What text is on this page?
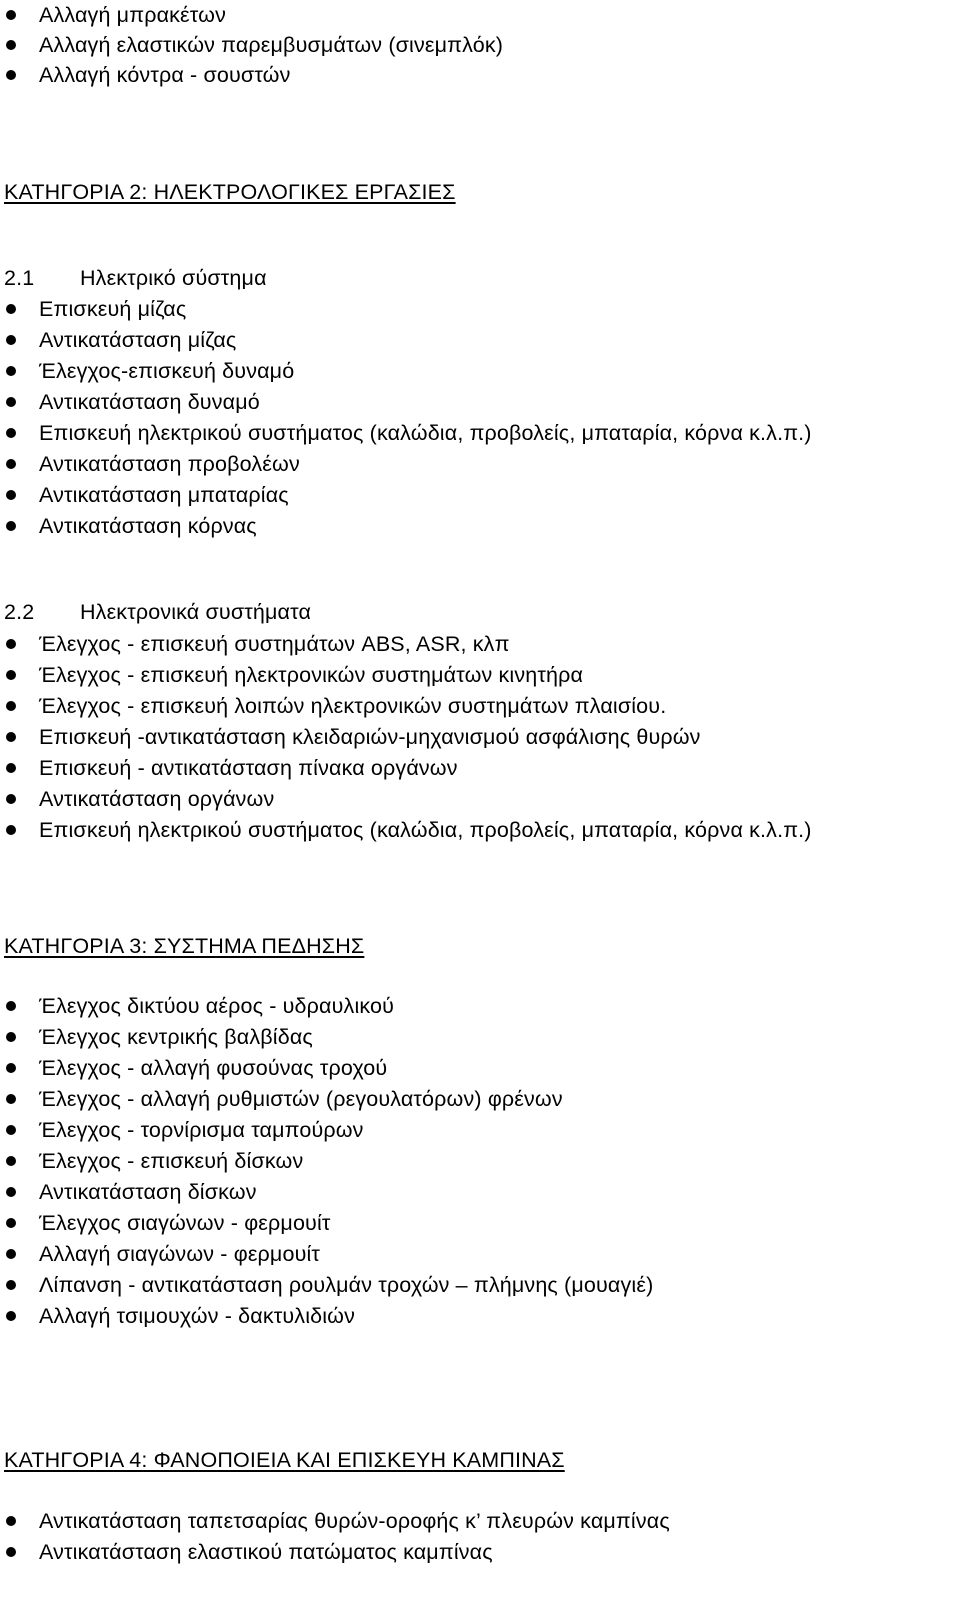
Αλλαγή μπρακέτων
Αλλαγή ελαστικών παρεμβυσμάτων (σινεμπλόκ)
Αλλαγή κόντρα - σουστών
ΚΑΤΗΓΟΡΙΑ 2: ΗΛΕΚΤΡΟΛΟΓΙΚΕΣ ΕΡΓΑΣΙΕΣ
2.1 Ηλεκτρικό σύστημα
Επισκευή μίζας
Αντικατάσταση μίζας
Έλεγχος-επισκευή δυναμό
Αντικατάσταση δυναμό
Επισκευή ηλεκτρικού συστήματος (καλώδια, προβολείς, μπαταρία, κόρνα κ.λ.π.)
Αντικατάσταση προβολέων
Αντικατάσταση μπαταρίας
Αντικατάσταση κόρνας
2.2 Ηλεκτρονικά συστήματα
Έλεγχος - επισκευή συστημάτων ABS, ASR, κλπ
Έλεγχος - επισκευή ηλεκτρονικών συστημάτων κινητήρα
Έλεγχος - επισκευή λοιπών ηλεκτρονικών συστημάτων πλαισίου.
Επισκευή -αντικατάσταση κλειδαριών-μηχανισμού ασφάλισης θυρών
Επισκευή - αντικατάσταση πίνακα οργάνων
Αντικατάσταση οργάνων
Επισκευή ηλεκτρικού συστήματος (καλώδια, προβολείς, μπαταρία, κόρνα κ.λ.π.)
ΚΑΤΗΓΟΡΙΑ 3: ΣΥΣΤΗΜΑ ΠΕΔΗΣΗΣ
Έλεγχος δικτύου αέρος - υδραυλικού
Έλεγχος κεντρικής βαλβίδας
Έλεγχος - αλλαγή φυσούνας τροχού
Έλεγχος - αλλαγή ρυθμιστών (ρεγουλατόρων) φρένων
Έλεγχος - τορνίρισμα ταμπούρων
Έλεγχος - επισκευή δίσκων
Αντικατάσταση δίσκων
Έλεγχος σιαγώνων - φερμουίτ
Αλλαγή σιαγώνων - φερμουίτ
Λίπανση - αντικατάσταση ρουλμάν τροχών – πλήμνης (μουαγιέ)
Αλλαγή τσιμουχών - δακτυλιδιών
ΚΑΤΗΓΟΡΙΑ 4: ΦΑΝΟΠΟΙΕΙΑ ΚΑΙ ΕΠΙΣΚΕΥΗ ΚΑΜΠΙΝΑΣ
Αντικατάσταση ταπετσαρίας θυρών-οροφής κ’ πλευρών καμπίνας
Αντικατάσταση ελαστικού πατώματος καμπίνας
